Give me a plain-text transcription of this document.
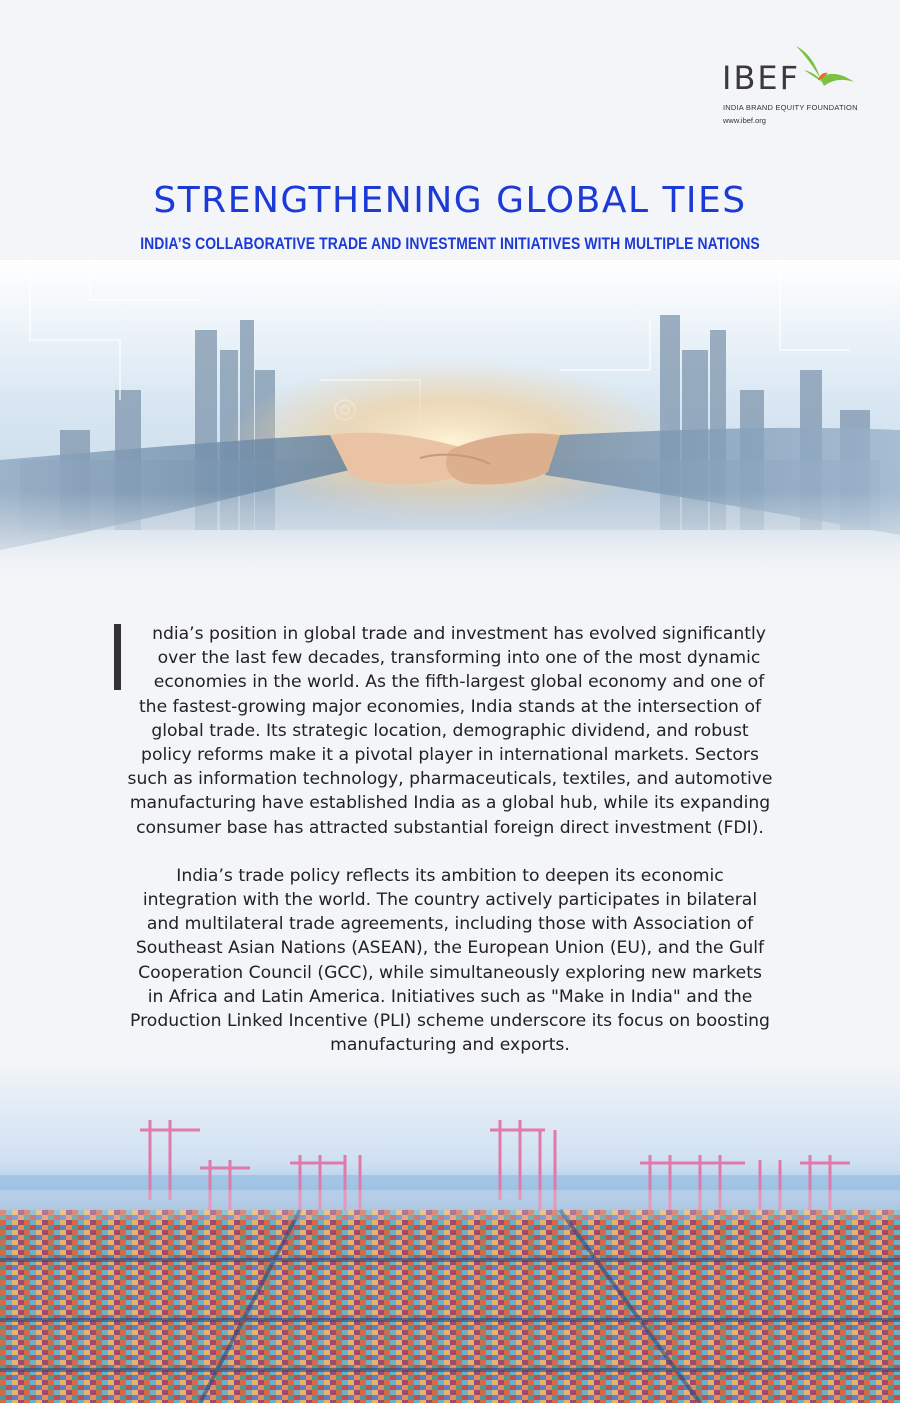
IBEF
INDIA BRAND EQUITY FOUNDATION
www.ibef.org
STRENGTHENING GLOBAL TIES
INDIA’S COLLABORATIVE TRADE AND INVESTMENT INITIATIVES WITH MULTIPLE NATIONS
ndia’s position in global trade and investment has evolved significantly
over the last few decades, transforming into one of the most dynamic
economies in the world. As the fifth-largest global economy and one of
the fastest-growing major economies, India stands at the intersection of
global trade. Its strategic location, demographic dividend, and robust
policy reforms make it a pivotal player in international markets. Sectors
such as information technology, pharmaceuticals, textiles, and automotive
manufacturing have established India as a global hub, while its expanding
consumer base has attracted substantial foreign direct investment (FDI).
India’s trade policy reflects its ambition to deepen its economic
integration with the world. The country actively participates in bilateral
and multilateral trade agreements, including those with Association of
Southeast Asian Nations (ASEAN), the European Union (EU), and the Gulf
Cooperation Council (GCC), while simultaneously exploring new markets
in Africa and Latin America. Initiatives such as "Make in India" and the
Production Linked Incentive (PLI) scheme underscore its focus on boosting
manufacturing and exports.
